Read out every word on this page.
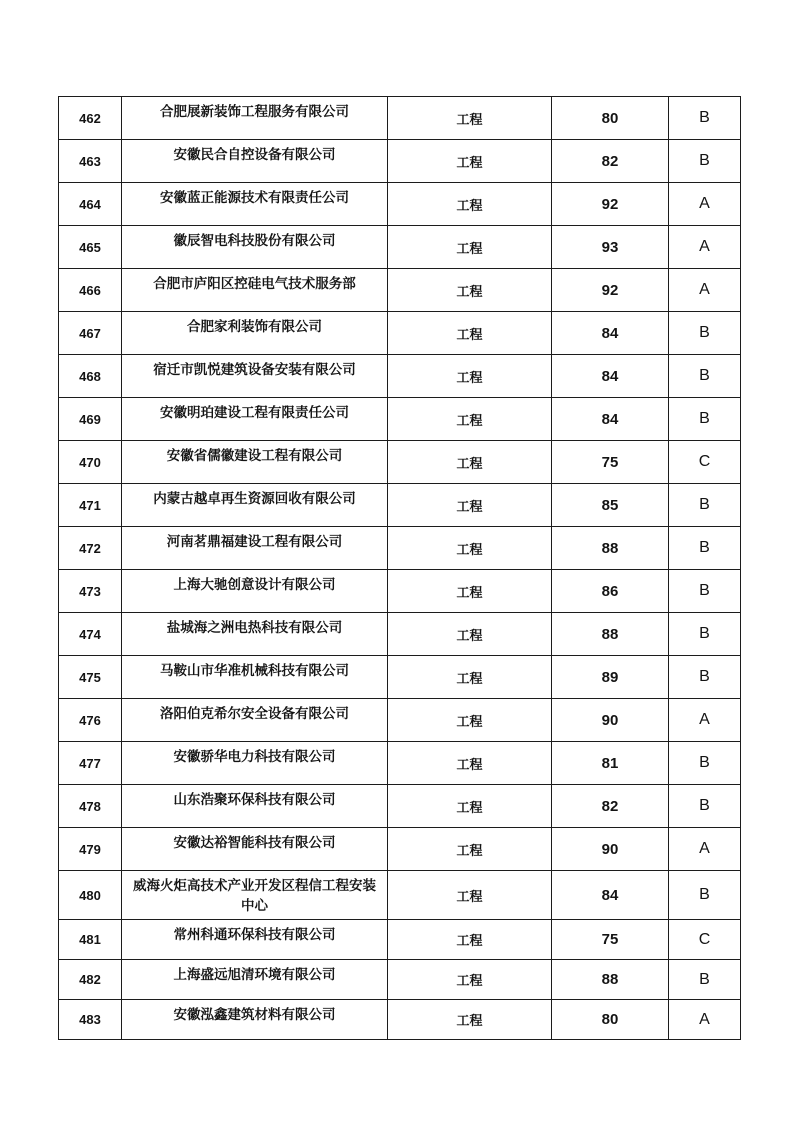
462	合肥展新装饰工程服务有限公司	工程	80	B
463	安徽民合自控设备有限公司	工程	82	B
464	安徽蓝正能源技术有限责任公司	工程	92	A
465	徽辰智电科技股份有限公司	工程	93	A
466	合肥市庐阳区控硅电气技术服务部	工程	92	A
467	合肥家利装饰有限公司	工程	84	B
468	宿迁市凯悦建筑设备安装有限公司	工程	84	B
469	安徽明珀建设工程有限责任公司	工程	84	B
470	安徽省儒徽建设工程有限公司	工程	75	C
471	内蒙古越卓再生资源回收有限公司	工程	85	B
472	河南茗鼎福建设工程有限公司	工程	88	B
473	上海大驰创意设计有限公司	工程	86	B
474	盐城海之洲电热科技有限公司	工程	88	B
475	马鞍山市华准机械科技有限公司	工程	89	B
476	洛阳伯克希尔安全设备有限公司	工程	90	A
477	安徽骄华电力科技有限公司	工程	81	B
478	山东浩聚环保科技有限公司	工程	82	B
479	安徽达裕智能科技有限公司	工程	90	A
480	威海火炬高技术产业开发区程信工程安装中心	工程	84	B
481	常州科通环保科技有限公司	工程	75	C
482	上海盛远旭清环境有限公司	工程	88	B
483	安徽泓鑫建筑材料有限公司	工程	80	A
